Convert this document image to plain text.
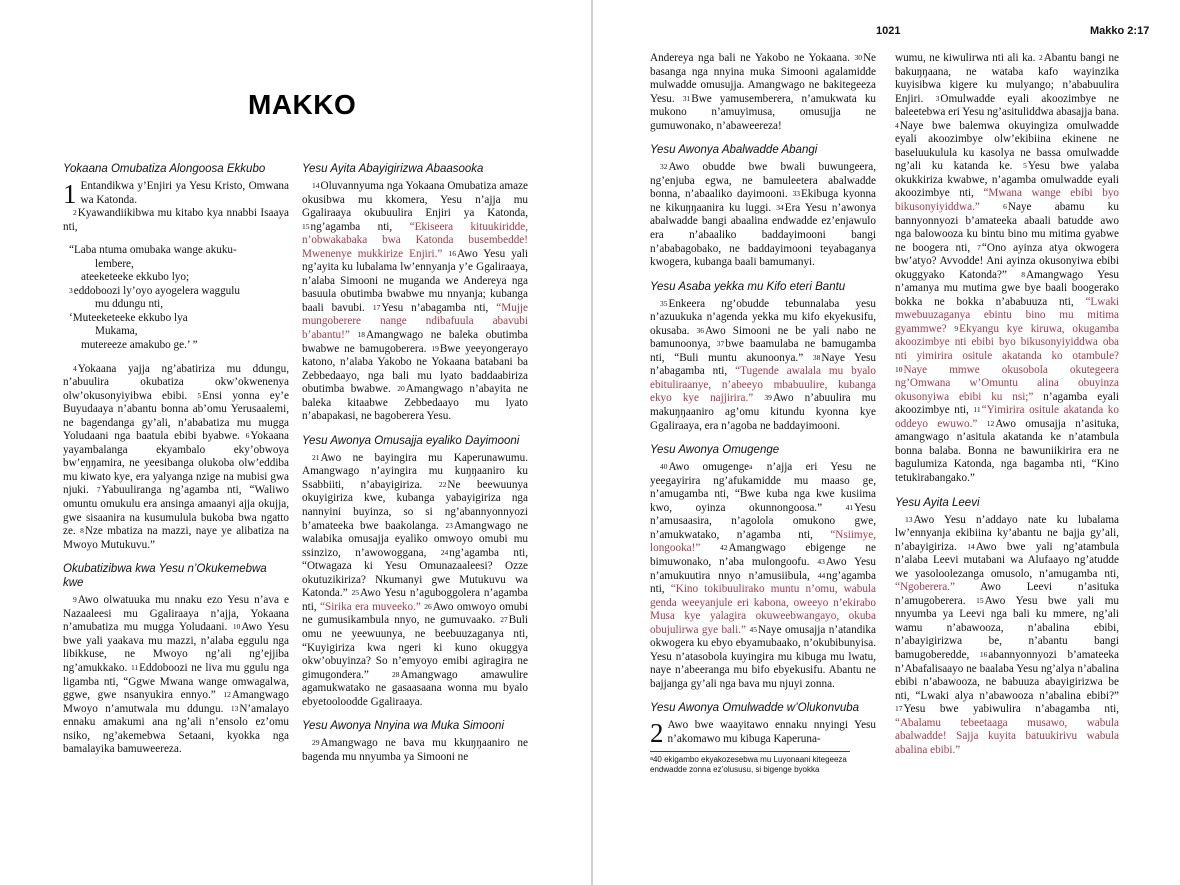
MAKKO
Yokaana Omubatiza Alongoosa Ekkubo

1 Entandikwa y’Enjiri ya Yesu Kristo, Omwana wa Katonda.

$^2$Kyawandiikibwa mu kitabo kya nnabbi Isaaya nti,

“Laba ntuma omubaka wange akuku-
lembere,
ateeketeeke ekkubo lyo;
$^3$eddoboozi ly’oyo ayogelera waggulu
mu ddungu nti,
‘Muteeketeeke ekkubo lya
Mukama,
mutereeze amakubo ge.’ ”

$^4$Yokaana yajja ng’abatiriza mu ddungu, n’abuulira okubatiza okw’okwenenya olw’okusonyiyibwa ebibi. $^5$Ensi yonna ey’e Buyudaaya n’abantu bonna ab’omu Yerusaalemi, ne bagendanga gy’ali, n’ababatiza mu mugga Yoludaani nga baatula ebibi byabwe. $^6$Yokaana yayambalanga ekyambalo eky’obwoya bw’eŋŋamira, ne yeesibanga olukoba olw’eddiba mu kiwato kye, era yalyanga nzige na mubisi gwa njuki. $^7$Yabuuliranga ng’agamba nti, “Waliwo omuntu omukulu era ansinga amaanyi ajja okujja, gwe sisaanira na kusumulula bukoba bwa ngatto ze. $^8$Nze mbatiza na mazzi, naye ye alibatiza na Mwoyo Mutukuvu.”

Okubatizibwa kwa Yesu n’Okukemebwa kwe

$^9$Awo olwatuuka mu nnaku ezo Yesu n’ava e Nazaaleesi mu Ggaliraaya n’ajja, Yokaana n’amubatiza mu mugga Yoludaani. $^{10}$Awo Yesu bwe yali yaakava mu mazzi, n’alaba eggulu nga libikkuse, ne Mwoyo ng’ali ng’ejjiba ng’amukkako. $^{11}$Eddoboozi ne liva mu ggulu nga ligamba nti, “Ggwe Mwana wange omwagalwa, ggwe, gwe nsanyukira ennyo.” $^{12}$Amangwago Mwoyo n’amutwala mu ddungu. $^{13}$N’amalayo ennaku amakumi ana ng’ali n’ensolo ez’omu nsiko, ng’akemebwa Setaani, kyokka nga bamalayika bamuweereza.

Yesu Ayita Abayigirizwa Abaasooka

$^{14}$Oluvannyuma nga Yokaana Omubatiza amaze okusibwa mu kkomera, Yesu n’ajja mu Ggaliraaya okubuulira Enjiri ya Katonda, $^{15}$ng’agamba nti, “Ekiseera kituukiridde, n’obwakabaka bwa Katonda busembedde! Mwenenye mukkirize Enjiri.” $^{16}$Awo Yesu yali ng’ayita ku lubalama lw’ennyanja y’e Ggaliraaya, n’alaba Simooni ne muganda we Andereya nga basuula obutimba bwabwe mu nnyanja; kubanga baali bavubi. $^{17}$Yesu n’abagamba nti, “Mujje mungoberere nange ndibafuula abavubi b’abantu!” $^{18}$Amangwago ne baleka obutimba bwabwe ne bamugoberera. $^{19}$Bwe yeeyongerayo katono, n’alaba Yakobo ne Yokaana batabani ba Zebbedaayo, nga bali mu lyato baddaabiriza obutimba bwabwe. $^{20}$Amangwago n’abayita ne baleka kitaabwe Zebbedaayo mu lyato n’abapakasi, ne bagoberera Yesu.

Yesu Awonya Omusajja eyaliko Dayimooni

$^{21}$Awo ne bayingira mu Kaperunawumu. Amangwago n’ayingira mu kuŋŋaaniro ku Ssabbiiti, n’abayigiriza. $^{22}$Ne beewuunya okuyigiriza kwe, kubanga yabayigiriza nga nannyini buyinza, so si ng’abannyonnyozi b’amateeka bwe baakolanga. $^{23}$Amangwago ne walabika omusajja eyaliko omwoyo omubi mu ssinzizo, n’awowoggana, $^{24}$ng’agamba nti, “Otwagaza ki Yesu Omunazaaleesi? Ozze okutuzikiriza? Nkumanyi gwe Mutukuvu wa Katonda.” $^{25}$Awo Yesu n’aguboggolera n’agamba nti, “Sirika era muveeko.” $^{26}$Awo omwoyo omubi ne gumusikambula nnyo, ne gumuvaako. $^{27}$Buli omu ne yeewuunya, ne beebuuzaganya nti, “Kuyigiriza kwa ngeri ki kuno okuggya okw’obuyinza? So n’emyoyo emibi agiragira ne gimugondera.”	$^{28}$Amangwago amawulire agamukwatako ne gasaasaana wonna mu byalo ebyetooloodde Ggaliraaya.

Yesu Awonya Nnyina wa Muka Simooni

$^{29}$Amangwago ne bava mu kkuŋŋaaniro ne bagenda mu nnyumba ya Simooni ne

1021	Makko 2:17

Andereya nga bali ne Yakobo ne Yokaana. $^{30}$Ne basanga nga nnyina muka Simooni agalamidde mulwadde omusujja. Amangwago ne bakitegeeza Yesu. $^{31}$Bwe yamusemberera, n’amukwata ku mukono n’amuyimusa, omusujja ne gumuwonako, n’abaweereza!

Yesu Awonya Abalwadde Abangi

$^{32}$Awo obudde bwe bwali buwungeera, ng’enjuba egwa, ne bamuleetera abalwadde bonna, n’abaaliko dayimooni. $^{33}$Ekibuga kyonna ne kikuŋŋaanira ku luggi. $^{34}$Era Yesu n’awonya abalwadde bangi abaalina endwadde ez’enjawulo era n’abaaliko baddayimooni bangi n’ababagobako, ne baddayimooni teyabaganya kwogera, kubanga baali bamumanyi.

Yesu Asaba yekka mu Kifo eteri Bantu

$^{35}$Enkeera ng’obudde tebunnalaba yesu n’azuukuka n’agenda yekka mu kifo ekyekusifu, okusaba. $^{36}$Awo Simooni ne be yali nabo ne bamunoonya, $^{37}$bwe baamulaba ne bamugamba nti, “Buli muntu akunoonya.” $^{38}$Naye Yesu n’abagamba nti, “Tugende awalala mu byalo ebituliraanye, n’abeeyo mbabuulire, kubanga ekyo kye najjirira.” $^{39}$Awo n’abuulira mu makuŋŋaaniro ag’omu kitundu kyonna kye Ggaliraaya, era n’agoba ne baddayimooni.

Yesu Awonya Omugenge

$^{40}$Awo omugenge$^a$ n’ajja eri Yesu ne yeegayirira ng’afukamidde mu maaso ge, n’amugamba nti, “Bwe kuba nga kwe kusiima kwo, oyinza okunnongoosa.”	$^{41}$Yesu n’amusaasira, n’agolola omukono gwe, n’amukwatako, n’agamba nti, “Nsiimye, longooka!”	$^{42}$Amangwago ebigenge ne bimuwonako, n’aba mulongoofu. $^{43}$Awo Yesu n’amukuutira nnyo n’amusiibula, $^{44}$ng’agamba nti, “Kino tokibuulirako muntu n’omu, wabula genda weeyanjule eri kabona, oweeyo n’ekirabo Musa kye yalagira okuweebwangayo, okuba obujulirwa gye bali.” $^{45}$Naye omusajja n’atandika okwogera ku ebyo ebyamubaako, n’okubibunyisa. Yesu n’atasobola kuyingira mu kibuga mu lwatu, naye n’abeeranga mu bifo ebyekusifu. Abantu ne bajjanga gy’ali nga bava mu njuyi zonna.

Yesu Awonya Omulwadde w’Olukonvuba

2 Awo bwe waayitawo ennaku nnyingi Yesu n’akomawo mu kibuga Kaperuna-

ᵃ40 ekigambo ekyakozesebwa mu Luyonaani kitegeeza endwadde zonna ez’olususu, si bigenge byokka

wumu, ne kiwulirwa nti ali ka. $^2$Abantu bangi ne bakuŋŋaana, ne wataba kafo wayinzika kuyisibwa kigere ku mulyango; n’ababuulira Enjiri. $^3$Omulwadde eyali akoozimbye ne baleetebwa eri Yesu ng’asituliddwa abasajja bana. $^4$Naye bwe balemwa okuyingiza omulwadde eyali akoozimbye olw’ekibiina ekinene ne baseluukulula ku kasolya ne bassa omulwadde ng’ali ku katanda ke. $^5$Yesu bwe yalaba okukkiriza kwabwe, n’agamba omulwadde eyali akoozimbye nti, “Mwana wange ebibi byo bikusonyiyiddwa.”	$^6$Naye abamu ku bannyonnyozi b’amateeka abaali batudde awo nga balowooza ku bintu bino mu mitima gyabwe ne boogera nti, $^7$“Ono ayinza atya okwogera bw’atyo? Avvodde! Ani ayinza okusonyiwa ebibi okuggyako Katonda?” $^8$Amangwago Yesu n’amanya mu mutima gwe bye baali boogerako bokka ne bokka n’ababuuza nti, “Lwaki mwebuuzaganya ebintu bino mu mitima gyammwe? $^9$Ekyangu kye kiruwa, okugamba akoozimbye nti ebibi byo bikusonyiyiddwa oba nti yimirira ositule akatanda ko otambule? $^{10}$Naye mmwe okusobola okutegeera ng’Omwana w’Omuntu alina obuyinza okusonyiwa ebibi ku nsi;” n’agamba eyali akoozimbye nti, $^{11}$“Yimirira ositule akatanda ko oddeyo ewuwo.” $^{12}$Awo omusajja n’asituka, amangwago n’asitula akatanda ke n’atambula bonna balaba. Bonna ne bawuniikirira era ne bagulumiza Katonda, nga bagamba nti, “Kino tetukirabangako.”

Yesu Ayita Leevi

$^{13}$Awo Yesu n’addayo nate ku lubalama lw’ennyanja ekibiina ky’abantu ne bajja gy’ali, n’abayigiriza. $^{14}$Awo bwe yali ng’atambula n’alaba Leevi mutabani wa Alufaayo ng’atudde we yasoloolezanga omusolo, n’amugamba nti, “Ngoberera.” Awo Leevi n’asituka n’amugoberera. $^{15}$Awo Yesu bwe yali mu nnyumba ya Leevi nga bali ku mmere, ng’ali wamu n’abawooza, n’abalina ebibi, n’abayigirizwa be, n’abantu bangi bamugoberedde, $^{16}$abannyonnyozi b’amateeka n’Abafalisaayo ne baalaba Yesu ng’alya n’abalina ebibi n’abawooza, ne babuuza abayigirizwa be nti, “Lwaki alya n’abawooza n’abalina ebibi?” $^{17}$Yesu bwe yabiwulira n’abagamba nti, “Abalamu tebeetaaga musawo, wabula abalwadde! Sajja kuyita batuukirivu wabula abalina ebibi.”
